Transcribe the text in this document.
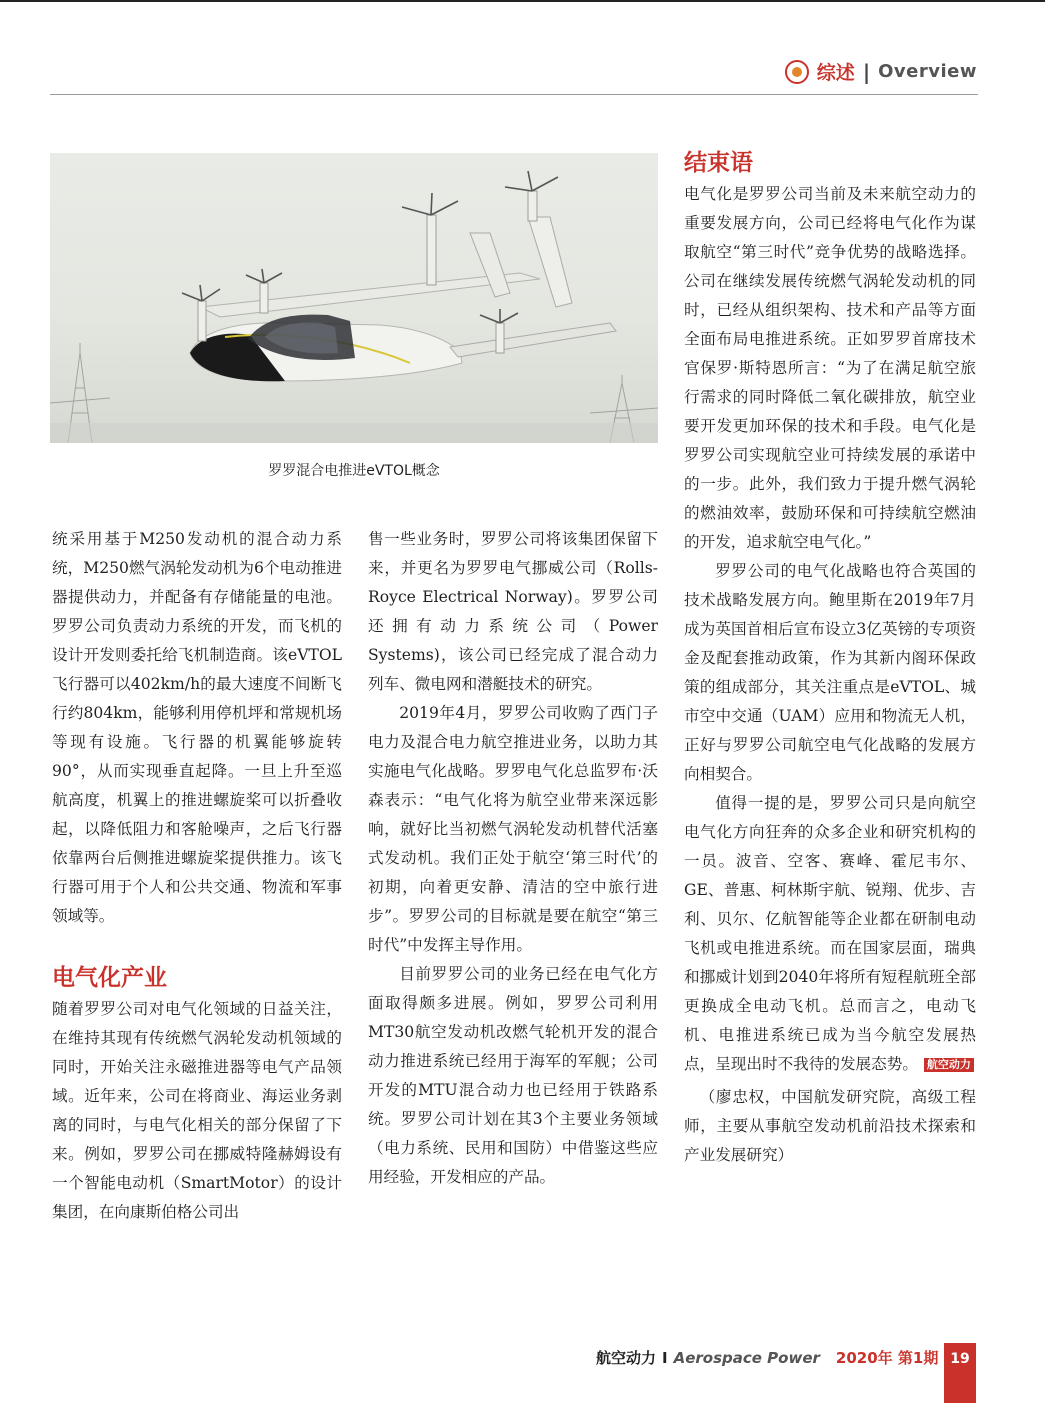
综述 | Overview
罗罗混合电推进eVTOL概念

统采用基于M250发动机的混合动力系统，M250燃气涡轮发动机为6个电动推进器提供动力，并配备有存储能量的电池。罗罗公司负责动力系统的开发，而飞机的设计开发则委托给飞机制造商。该eVTOL飞行器可以402km/h的最大速度不间断飞行约804km，能够利用停机坪和常规机场等现有设施。飞行器的机翼能够旋转90°，从而实现垂直起降。一旦上升至巡航高度，机翼上的推进螺旋桨可以折叠收起，以降低阻力和客舱噪声，之后飞行器依靠两台后侧推进螺旋桨提供推力。该飞行器可用于个人和公共交通、物流和军事领域等。

电气化产业

随着罗罗公司对电气化领域的日益关注，在维持其现有传统燃气涡轮发动机领域的同时，开始关注永磁推进器等电气产品领域。近年来，公司在将商业、海运业务剥离的同时，与电气化相关的部分保留了下来。例如，罗罗公司在挪威特隆赫姆设有一个智能电动机（SmartMotor）的设计集团，在向康斯伯格公司出

售一些业务时，罗罗公司将该集团保留下来，并更名为罗罗电气挪威公司（Rolls-Royce Electrical Norway)。罗罗公司还拥有动力系统公司（Power Systems)，该公司已经完成了混合动力列车、微电网和潜艇技术的研究。

2019年4月，罗罗公司收购了西门子电力及混合电力航空推进业务，以助力其实施电气化战略。罗罗电气化总监罗布·沃森表示：“电气化将为航空业带来深远影响，就好比当初燃气涡轮发动机替代活塞式发动机。我们正处于航空‘第三时代’的初期，向着更安静、清洁的空中旅行进步”。罗罗公司的目标就是要在航空“第三时代”中发挥主导作用。

目前罗罗公司的业务已经在电气化方面取得颇多进展。例如，罗罗公司利用MT30航空发动机改燃气轮机开发的混合动力推进系统已经用于海军的军舰；公司开发的MTU混合动力也已经用于铁路系统。罗罗公司计划在其3个主要业务领域（电力系统、民用和国防）中借鉴这些应用经验，开发相应的产品。

结束语

电气化是罗罗公司当前及未来航空动力的重要发展方向，公司已经将电气化作为谋取航空“第三时代”竞争优势的战略选择。公司在继续发展传统燃气涡轮发动机的同时，已经从组织架构、技术和产品等方面全面布局电推进系统。正如罗罗首席技术官保罗·斯特恩所言：“为了在满足航空旅行需求的同时降低二氧化碳排放，航空业要开发更加环保的技术和手段。电气化是罗罗公司实现航空业可持续发展的承诺中的一步。此外，我们致力于提升燃气涡轮的燃油效率，鼓励环保和可持续航空燃油的开发，追求航空电气化。”

罗罗公司的电气化战略也符合英国的技术战略发展方向。鲍里斯在2019年7月成为英国首相后宣布设立3亿英镑的专项资金及配套推动政策，作为其新内阁环保政策的组成部分，其关注重点是eVTOL、城市空中交通（UAM）应用和物流无人机，正好与罗罗公司航空电气化战略的发展方向相契合。

值得一提的是，罗罗公司只是向航空电气化方向狂奔的众多企业和研究机构的一员。波音、空客、赛峰、霍尼韦尔、GE、普惠、柯林斯宇航、锐翔、优步、吉利、贝尔、亿航智能等企业都在研制电动飞机或电推进系统。而在国家层面，瑞典和挪威计划到2040年将所有短程航班全部更换成全电动飞机。总而言之，电动飞机、电推进系统已成为当今航空发展热点，呈现出时不我待的发展态势。 航空动力

（廖忠权，中国航发研究院，高级工程师，主要从事航空发动机前沿技术探索和产业发展研究）

航空动力 I Aerospace Power 2020年 第1期 19
